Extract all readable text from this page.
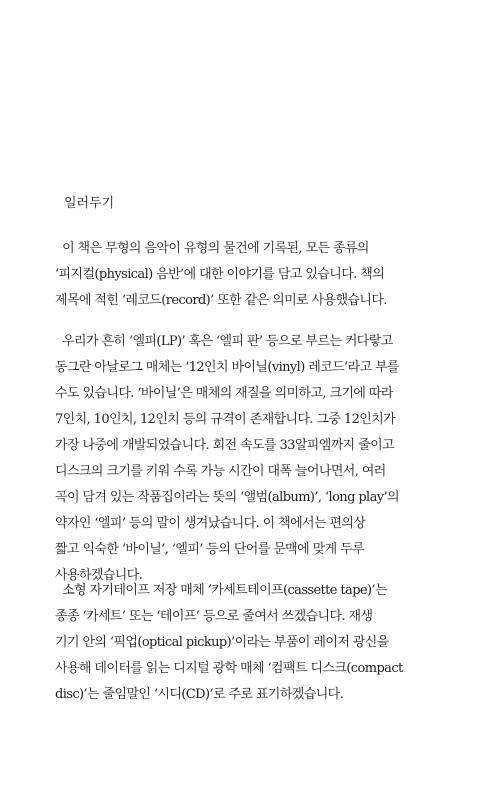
일러두기
이 책은 무형의 음악이 유형의 물건에 기록된, 모든 종류의
‘피지컬(physical) 음반’에 대한 이야기를 담고 있습니다. 책의
제목에 적힌 ‘레코드(record)’ 또한 같은 의미로 사용했습니다.
우리가 흔히 ‘엘피(LP)’ 혹은 ‘엘피 판’ 등으로 부르는 커다랗고
동그란 아날로그 매체는 ‘12인치 바이닐(vinyl) 레코드’라고 부를
수도 있습니다. ‘바이닐’은 매체의 재질을 의미하고, 크기에 따라
7인치, 10인치, 12인치 등의 규격이 존재합니다. 그중 12인치가
가장 나중에 개발되었습니다. 회전 속도를 33알피엠까지 줄이고
디스크의 크기를 키워 수록 가능 시간이 대폭 늘어나면서, 여러
곡이 담겨 있는 작품집이라는 뜻의 ‘앨범(album)’, ‘long play’의
약자인 ‘엘피’ 등의 말이 생겨났습니다. 이 책에서는 편의상
짧고 익숙한 ‘바이닐’, ‘엘피’ 등의 단어를 문맥에 맞게 두루
사용하겠습니다.
소형 자기테이프 저장 매체 ‘카세트테이프(cassette tape)’는
종종 ‘카세트’ 또는 ‘테이프’ 등으로 줄여서 쓰겠습니다. 재생
기기 안의 ‘픽업(optical pickup)’이라는 부품이 레이저 광신을
사용해 데이터를 읽는 디지털 광학 매체 ‘컴팩트 디스크(compact
disc)’는 줄임말인 ‘시디(CD)’로 주로 표기하겠습니다.
